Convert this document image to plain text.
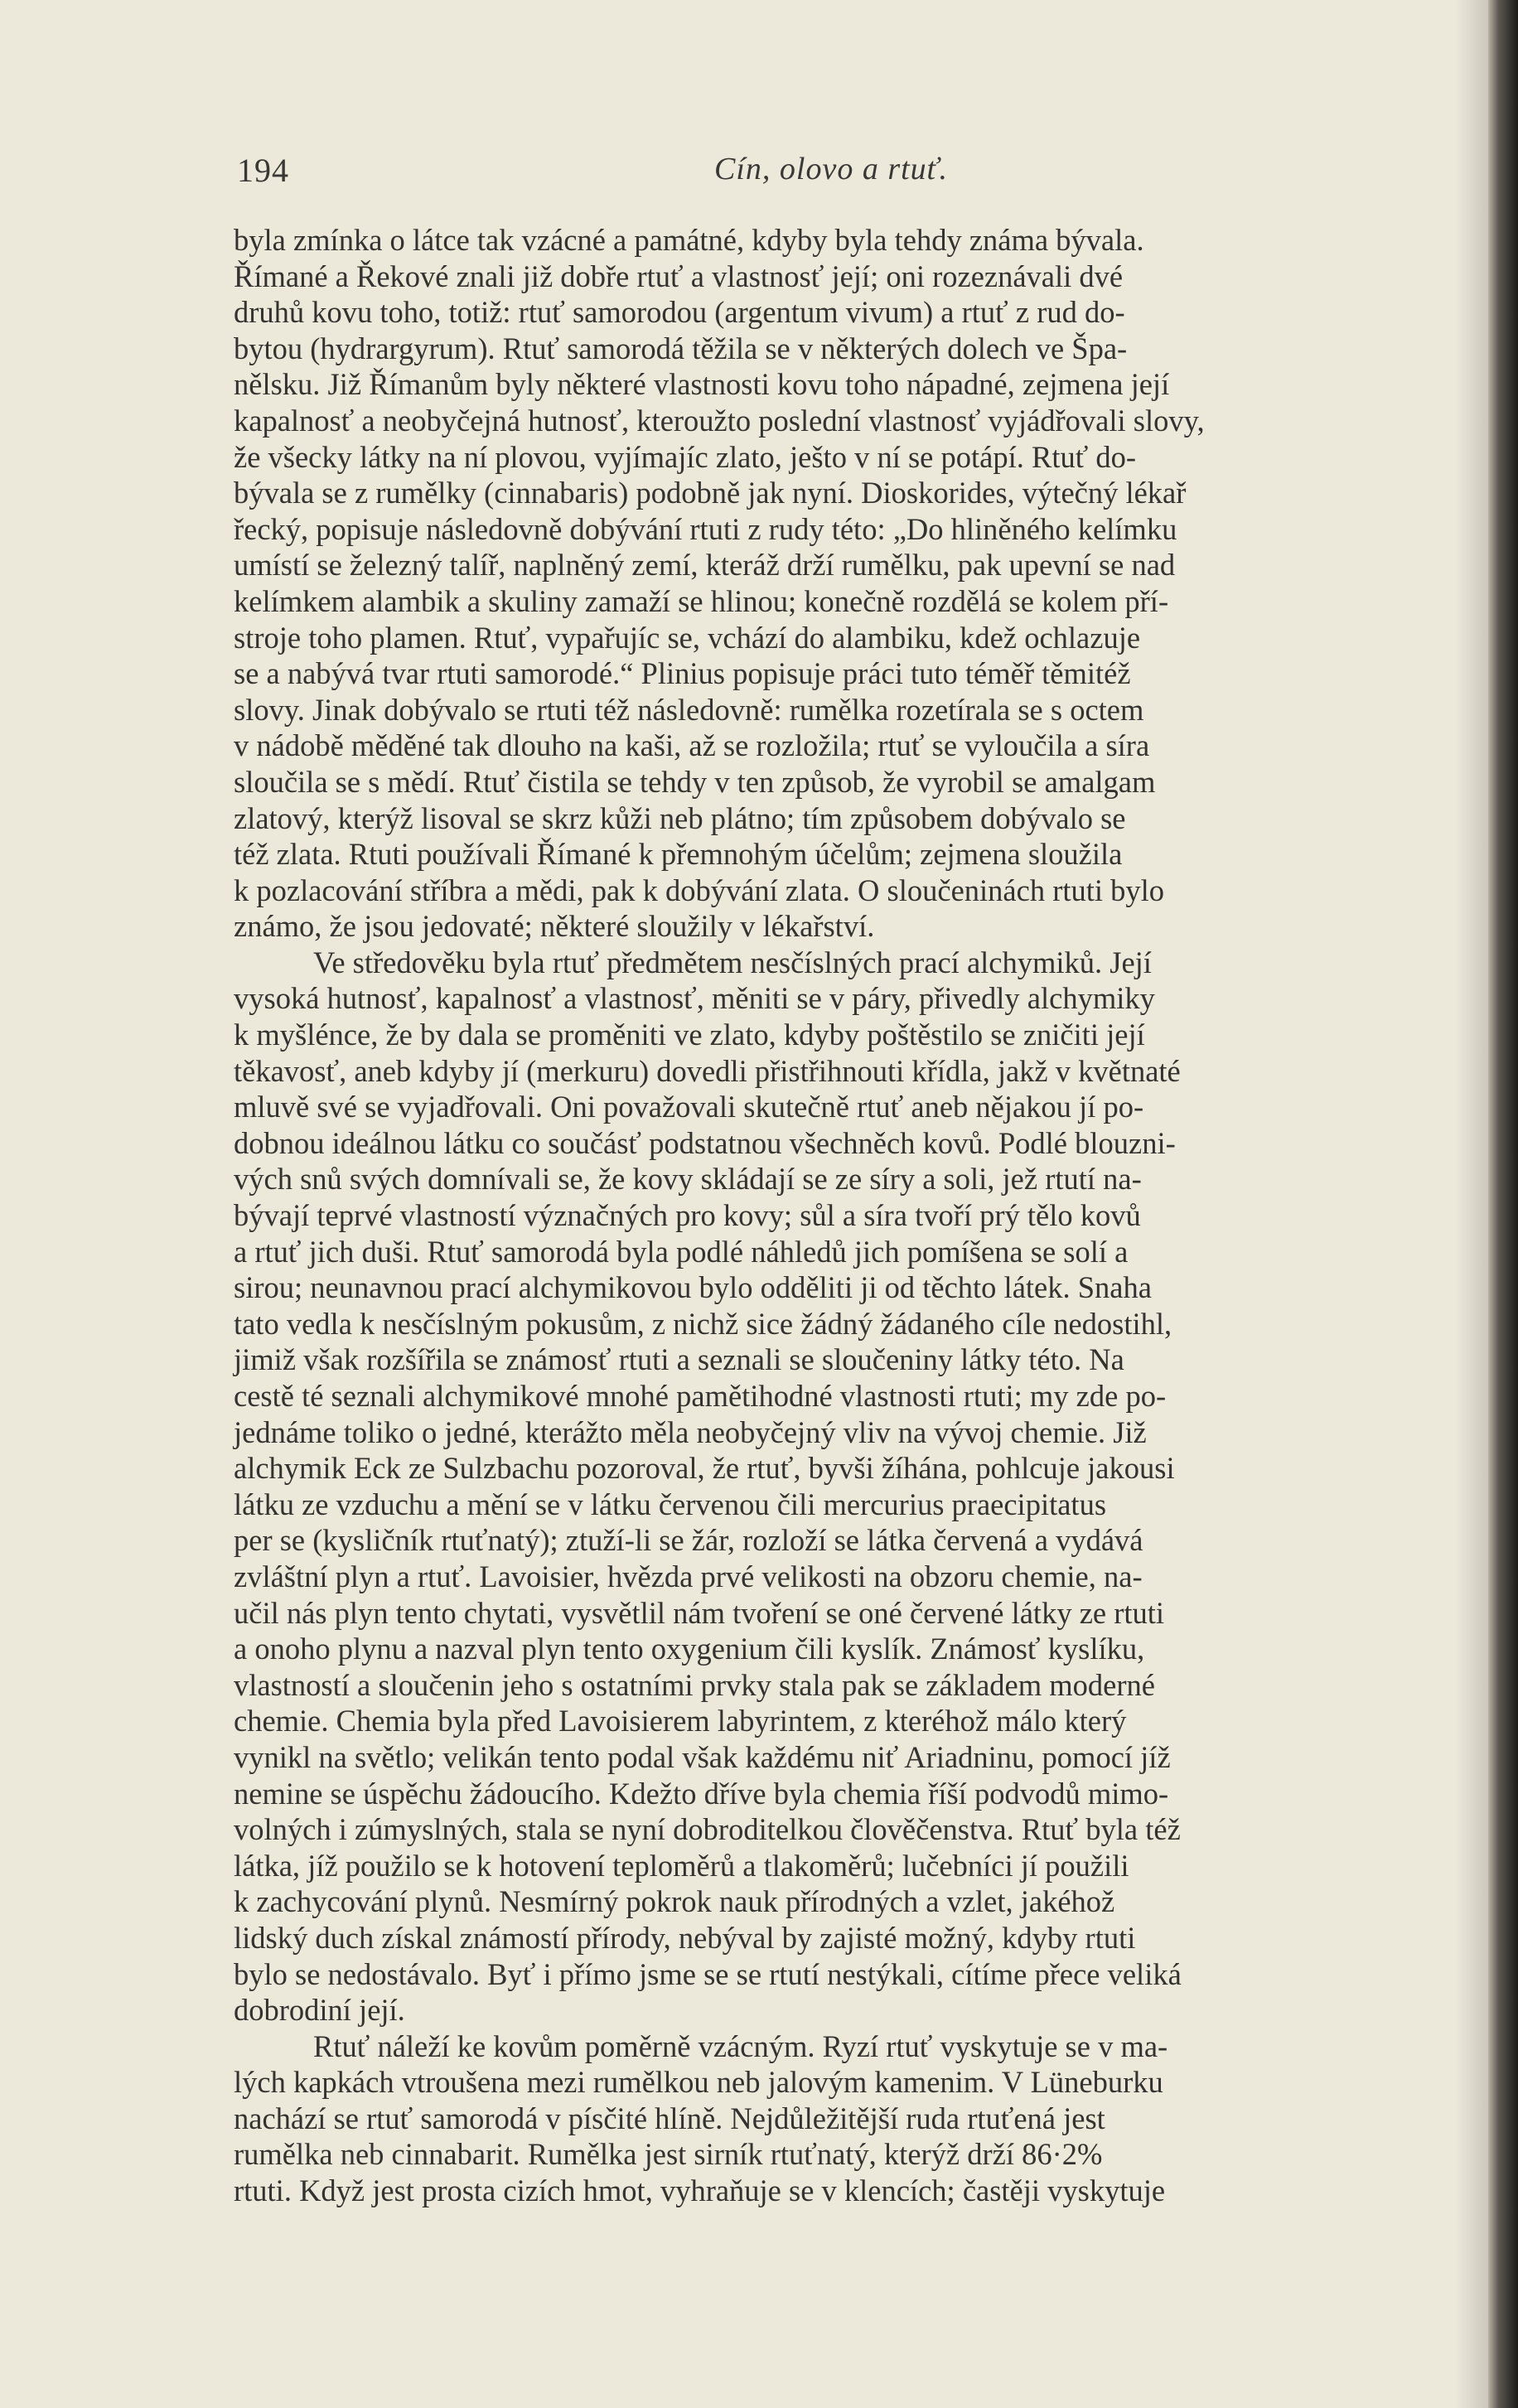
194	Cín, olovo a rtuť.
byla zmínka o látce tak vzácné a památné, kdyby byla tehdy známa bývala.
Římané a Řekové znali již dobře rtuť a vlastnosť její; oni rozeznávali dvé
druhů kovu toho, totiž: rtuť samorodou (argentum vivum) a rtuť z rud do-
bytou (hydrargyrum). Rtuť samorodá těžila se v některých dolech ve Špa-
nělsku. Již Římanům byly některé vlastnosti kovu toho nápadné, zejmena její
kapalnosť a neobyčejná hutnosť, kteroužto poslední vlastnosť vyjádřovali slovy,
že všecky látky na ní plovou, vyjímajíc zlato, ješto v ní se potápí. Rtuť do-
bývala se z rumělky (cinnabaris) podobně jak nyní. Dioskorides, výtečný lékař
řecký, popisuje následovně dobývání rtuti z rudy této: „Do hliněného kelímku
umístí se železný talíř, naplněný zemí, kteráž drží rumělku, pak upevní se nad
kelímkem alambik a skuliny zamaží se hlinou; konečně rozdělá se kolem pří-
stroje toho plamen. Rtuť, vypařujíc se, vchází do alambiku, kdež ochlazuje
se a nabývá tvar rtuti samorodé.“ Plinius popisuje práci tuto téměř těmitéž
slovy. Jinak dobývalo se rtuti též následovně: rumělka rozetírala se s octem
v nádobě měděné tak dlouho na kaši, až se rozložila; rtuť se vyloučila a síra
sloučila se s mědí. Rtuť čistila se tehdy v ten způsob, že vyrobil se amalgam
zlatový, kterýž lisoval se skrz kůži neb plátno; tím způsobem dobývalo se
též zlata. Rtuti používali Římané k přemnohým účelům; zejmena sloužila
k pozlacování stříbra a mědi, pak k dobývání zlata. O sloučeninách rtuti bylo
známo, že jsou jedovaté; některé sloužily v lékařství.
Ve středověku byla rtuť předmětem nesčíslných prací alchymiků. Její
vysoká hutnosť, kapalnosť a vlastnosť, měniti se v páry, přivedly alchymiky
k myšlénce, že by dala se proměniti ve zlato, kdyby poštěstilo se zničiti její
těkavosť, aneb kdyby jí (merkuru) dovedli přistřihnouti křídla, jakž v květnaté
mluvě své se vyjadřovali. Oni považovali skutečně rtuť aneb nějakou jí po-
dobnou ideálnou látku co součásť podstatnou všechněch kovů. Podlé blouzni-
vých snů svých domnívali se, že kovy skládají se ze síry a soli, jež rtutí na-
bývají teprvé vlastností význačných pro kovy; sůl a síra tvoří prý tělo kovů
a rtuť jich duši. Rtuť samorodá byla podlé náhledů jich pomíšena se solí a
sirou; neunavnou prací alchymikovou bylo odděliti ji od těchto látek. Snaha
tato vedla k nesčíslným pokusům, z nichž sice žádný žádaného cíle nedostihl,
jimiž však rozšířila se známosť rtuti a seznali se sloučeniny látky této. Na
cestě té seznali alchymikové mnohé pamětihodné vlastnosti rtuti; my zde po-
jednáme toliko o jedné, kterážto měla neobyčejný vliv na vývoj chemie. Již
alchymik Eck ze Sulzbachu pozoroval, že rtuť, byvši žíhána, pohlcuje jakousi
látku ze vzduchu a mění se v látku červenou čili mercurius praecipitatus
per se (kysličník rtuťnatý); ztuží-li se žár, rozloží se látka červená a vydává
zvláštní plyn a rtuť. Lavoisier, hvězda prvé velikosti na obzoru chemie, na-
učil nás plyn tento chytati, vysvětlil nám tvoření se oné červené látky ze rtuti
a onoho plynu a nazval plyn tento oxygenium čili kyslík. Známosť kyslíku,
vlastností a sloučenin jeho s ostatními prvky stala pak se základem moderné
chemie. Chemia byla před Lavoisierem labyrintem, z kteréhož málo který
vynikl na světlo; velikán tento podal však každému niť Ariadninu, pomocí jíž
nemine se úspěchu žádoucího. Kdežto dříve byla chemia říší podvodů mimo-
volných i zúmyslných, stala se nyní dobroditelkou člověčenstva. Rtuť byla též
látka, jíž použilo se k hotovení teploměrů a tlakoměrů; lučebníci jí použili
k zachycování plynů. Nesmírný pokrok nauk přírodných a vzlet, jakéhož
lidský duch získal známostí přírody, nebýval by zajisté možný, kdyby rtuti
bylo se nedostávalo. Byť i přímo jsme se se rtutí nestýkali, cítíme přece veliká
dobrodiní její.
Rtuť náleží ke kovům poměrně vzácným. Ryzí rtuť vyskytuje se v ma-
lých kapkách vtroušena mezi rumělkou neb jalovým kamenim. V Lüneburku
nachází se rtuť samorodá v písčité hlíně. Nejdůležitější ruda rtuťená jest
rumělka neb cinnabarit. Rumělka jest sirník rtuťnatý, kterýž drží 86·2%
rtuti. Když jest prosta cizích hmot, vyhraňuje se v klencích; častěji vyskytuje
